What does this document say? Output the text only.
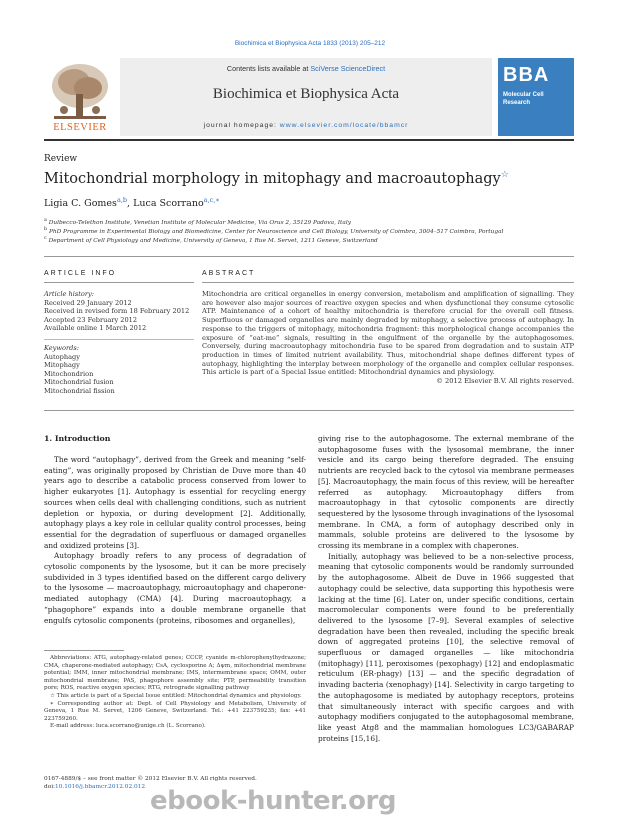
Biochimica et Biophysica Acta 1833 (2013) 205–212
Contents lists available at SciVerse ScienceDirect
Biochimica et Biophysica Acta
journal homepage: www.elsevier.com/locate/bbamcr
ELSEVIER
BBA
Molecular Cell
Research
Review
Mitochondrial morphology in mitophagy and macroautophagy☆
Ligia C. Gomes$^{a,b}$, Luca Scorrano$^{a,c,∗}$
$^a$ Dulbecco-Telethon Institute, Venetian Institute of Molecular Medicine, Via Orus 2, 35129 Padova, Italy
$^b$ PhD Programme in Experimental Biology and Biomedicine, Center for Neuroscience and Cell Biology, University of Coimbra, 3004–517 Coimbra, Portugal
$^c$ Department of Cell Physiology and Medicine, University of Geneva, 1 Rue M. Servet, 1211 Geneve, Switzerland
ARTICLE INFO	ABSTRACT
Article history:
Received 29 January 2012
Received in revised form 18 February 2012
Accepted 23 February 2012
Available online 1 March 2012
Keywords:
Autophagy
Mitophagy
Mitochondrion
Mitochondrial fusion
Mitochondrial fission
Mitochondria are critical organelles in energy conversion, metabolism and amplification of signalling. They are however also major sources of reactive oxygen species and when dysfunctional they consume cytosolic ATP. Maintenance of a cohort of healthy mitochondria is therefore crucial for the overall cell fitness. Superfluous or damaged organelles are mainly degraded by mitophagy, a selective process of autophagy. In response to the triggers of mitophagy, mitochondria fragment: this morphological change accompanies the exposure of “eat-me” signals, resulting in the engulfment of the organelle by the autophagosomes. Conversely, during macroautophagy mitochondria fuse to be spared from degradation and to sustain ATP production in times of limited nutrient availability. Thus, mitochondrial shape defines different types of autophagy, highlighting the interplay between morphology of the organelle and complex cellular responses. This article is part of a Special Issue entitled: Mitochondrial dynamics and physiology.
© 2012 Elsevier B.V. All rights reserved.
1. Introduction

The word “autophagy”, derived from the Greek and meaning “self-eating”, was originally proposed by Christian de Duve more than 40 years ago to describe a catabolic process conserved from lower to higher eukaryotes [1]. Autophagy is essential for recycling energy sources when cells deal with challenging conditions, such as nutrient depletion or hypoxia, or during development [2]. Additionally, autophagy plays a key role in cellular quality control processes, being essential for the degradation of superfluous or damaged organelles and oxidized proteins [3].

Autophagy broadly refers to any process of degradation of cytosolic components by the lysosome, but it can be more precisely subdivided in 3 types identified based on the different cargo delivery to the lysosome — macroautophagy, microautophagy and chaperone-mediated autophagy (CMA) [4]. During macroautophagy, a “phagophore” expands into a double membrane organelle that engulfs cytosolic components (proteins, ribosomes and organelles),

giving rise to the autophagosome. The external membrane of the autophagosome fuses with the lysosomal membrane, the inner vesicle and its cargo being therefore degraded. The ensuing nutrients are recycled back to the cytosol via membrane permeases [5]. Macroautophagy, the main focus of this review, will be hereafter referred as autophagy. Microautophagy differs from macroautophagy in that cytosolic components are directly sequestered by the lysosome through invaginations of the lysosomal membrane. In CMA, a form of autophagy described only in mammals, soluble proteins are delivered to the lysosome by crossing its membrane in a complex with chaperones.

Initially, autophagy was believed to be a non-selective process, meaning that cytosolic components would be randomly surrounded by the autophagosome. Albeit de Duve in 1966 suggested that autophagy could be selective, data supporting this hypothesis were lacking at the time [6]. Later on, under specific conditions, certain macromolecular components were found to be preferentially delivered to the lysosome [7–9]. Several examples of selective degradation have been then revealed, including the specific break down of aggregated proteins [10], the selective removal of superfluous or damaged organelles — like mitochondria (mitophagy) [11], peroxisomes (pexophagy) [12] and endoplasmatic reticulum (ER-phagy) [13] — and the specific degradation of invading bacteria (xenophagy) [14]. Selectivity in cargo targeting to the autophagosome is mediated by autophagy receptors, proteins that simultaneously interact with specific cargoes and with autophagy modifiers conjugated to the autophagosomal membrane, like yeast Atg8 and the mammalian homologues LC3/GABARAP proteins [15,16].

Abbreviations: ATG, autophagy-related genes; CCCP, cyanide m-chlorophenylhydrazone; CMA, chaperone-mediated autophagy; CsA, cyclosporine A; Δψm, mitochondrial membrane potential; IMM, inner mitochondrial membrane; IMS, intermembrane space; OMM, outer mitochondrial membrane; PAS, phagophore assembly site; PTP, permeability transition pore; ROS, reactive oxygen species; RTG, retrograde signalling pathway

☆ This article is part of a Special Issue entitled: Mitochondrial dynamics and physiology.

∗ Corresponding author at: Dept. of Cell Physiology and Metabolism, University of Geneva, 1 Rue M. Servet, 1206 Geneve, Switzerland. Tel.: +41 223759235; fax: +41 223759260.

E-mail address: luca.scorrano@unige.ch (L. Scorrano).

0167-4889/$ – see front matter © 2012 Elsevier B.V. All rights reserved.
doi:10.1016/j.bbamcr.2012.02.012 ebook-hunter.org
